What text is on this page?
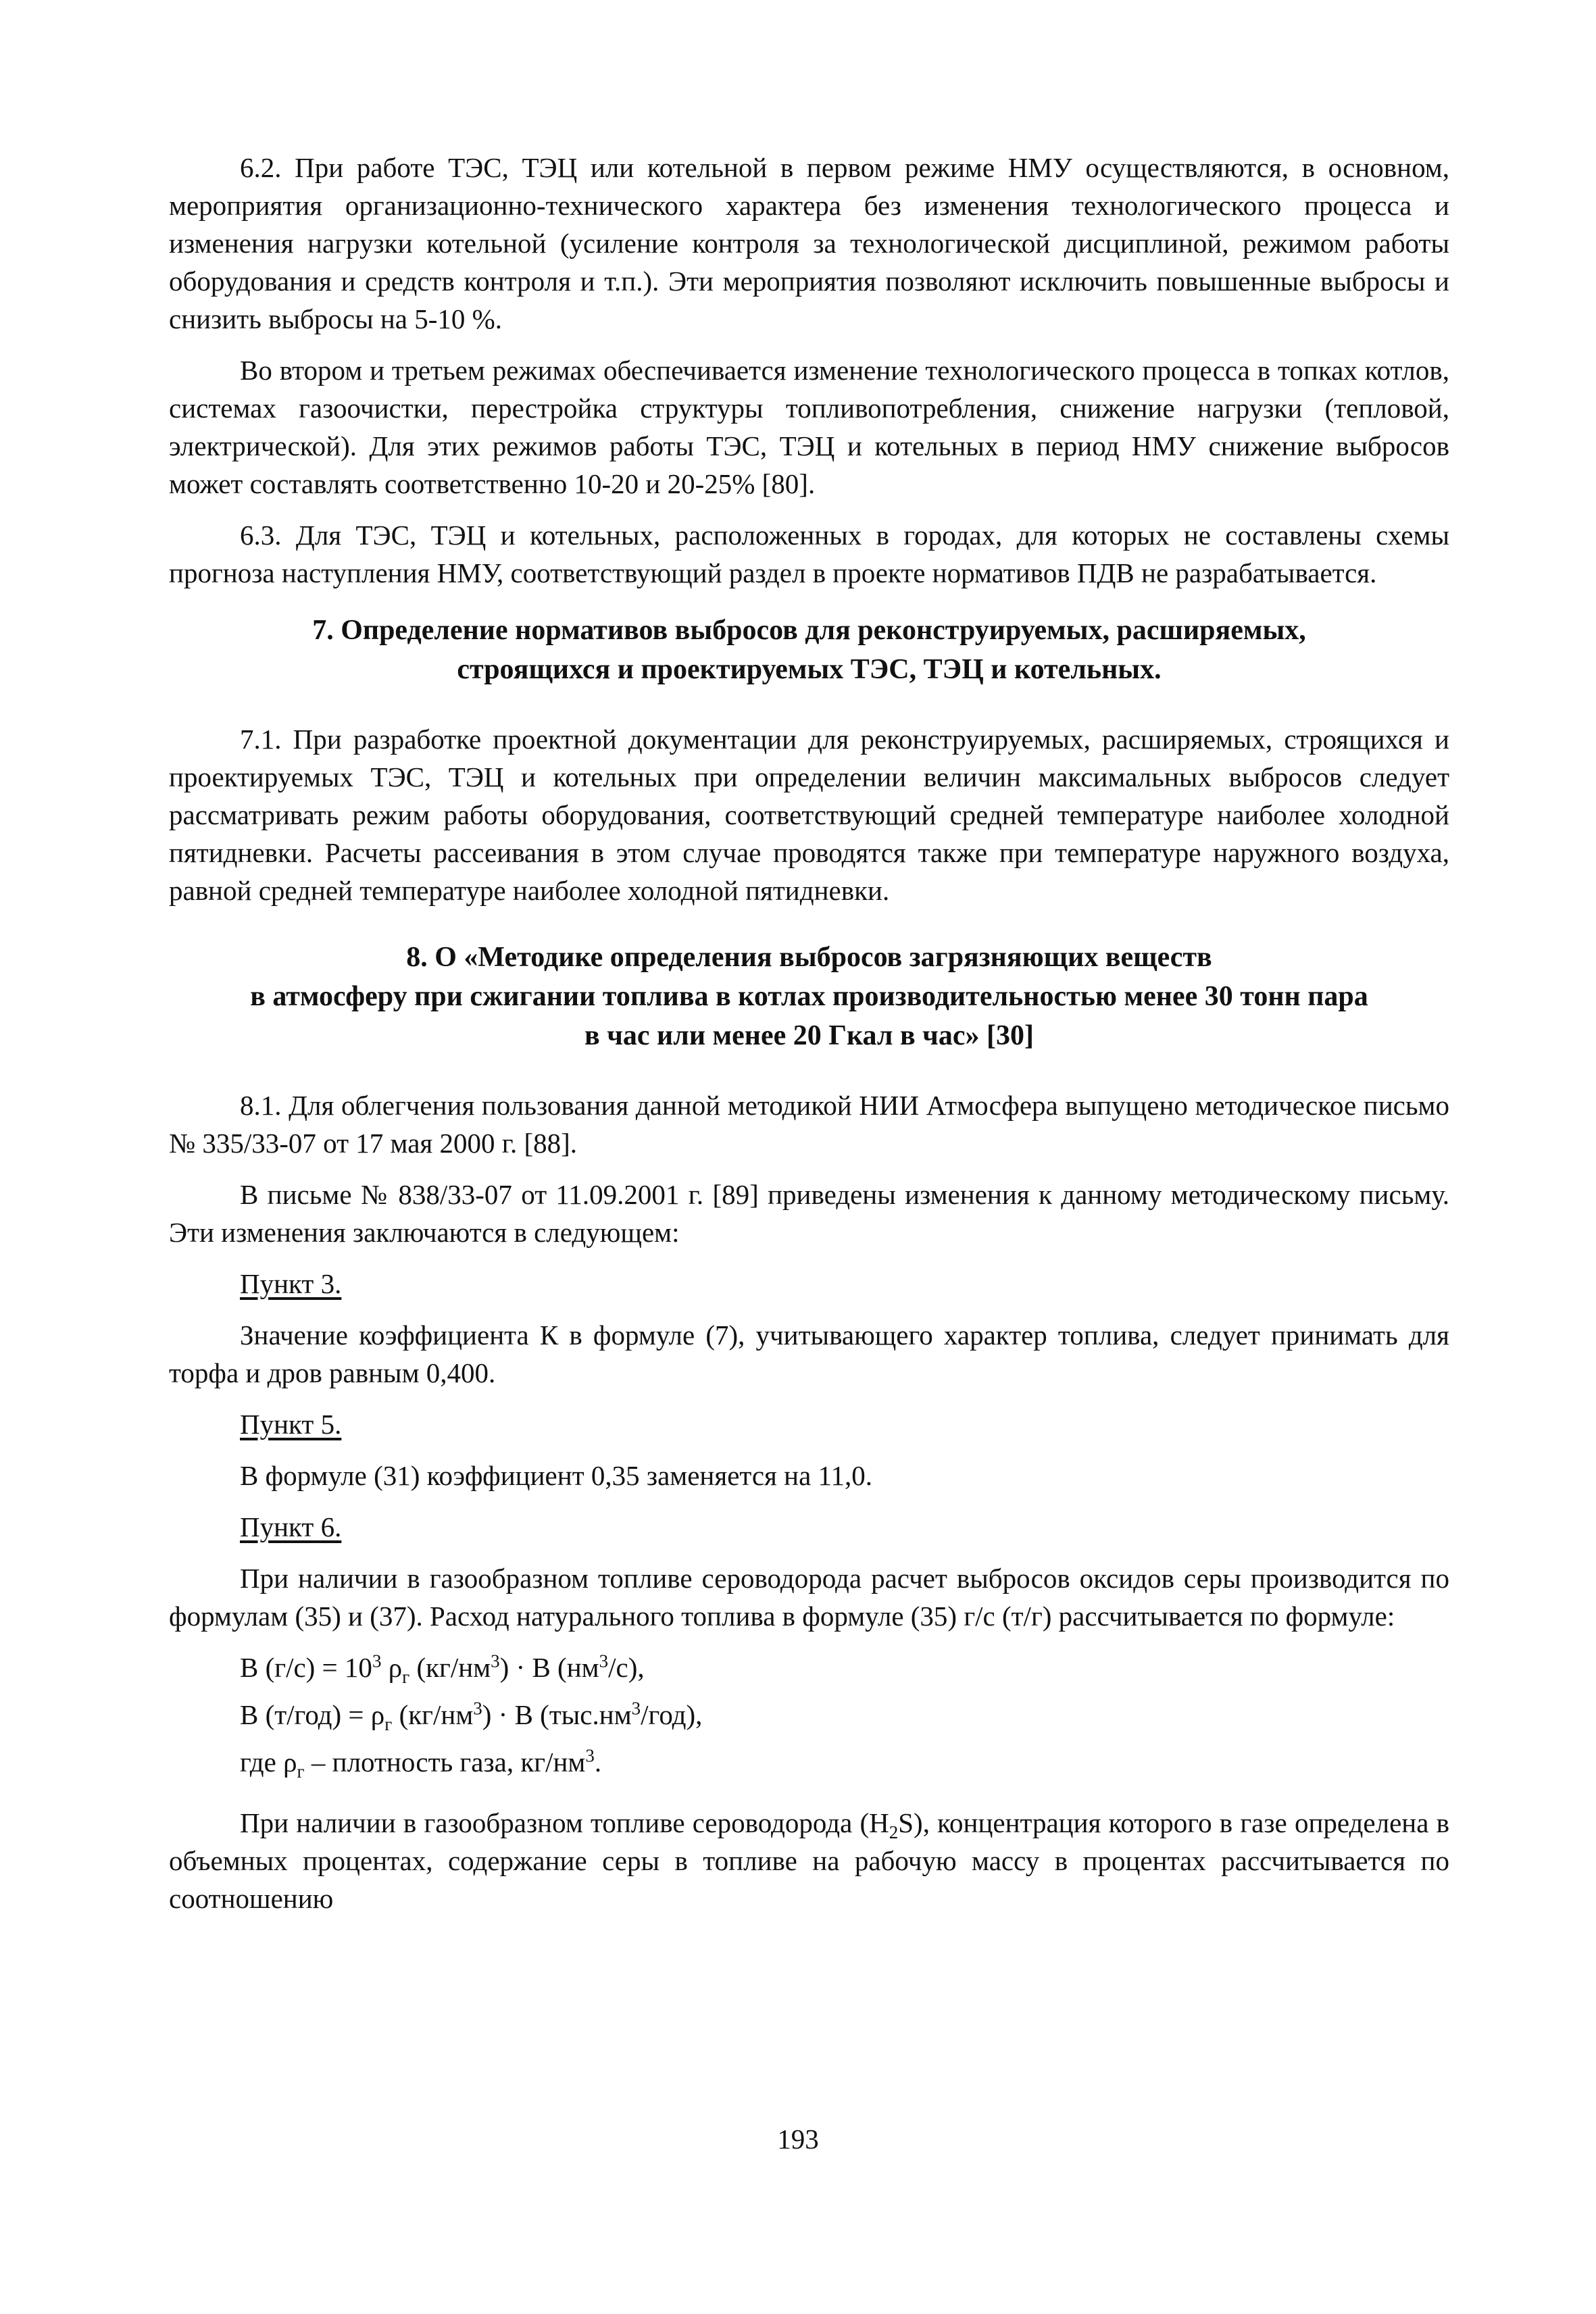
6.2. При работе ТЭС, ТЭЦ или котельной в первом режиме НМУ осуществляются, в основном, мероприятия организационно-технического характера без изменения технологического процесса и изменения нагрузки котельной (усиление контроля за технологической дисциплиной, режимом работы оборудования и средств контроля и т.п.). Эти мероприятия позволяют исключить повышенные выбросы и снизить выбросы на 5-10 %.

Во втором и третьем режимах обеспечивается изменение технологического процесса в топках котлов, системах газоочистки, перестройка структуры топливопотребления, снижение нагрузки (тепловой, электрической). Для этих режимов работы ТЭС, ТЭЦ и котельных в период НМУ снижение выбросов может составлять соответственно 10-20 и 20-25% [80].

6.3. Для ТЭС, ТЭЦ и котельных, расположенных в городах, для которых не составлены схемы прогноза наступления НМУ, соответствующий раздел в проекте нормативов ПДВ не разрабатывается.

7. Определение нормативов выбросов для реконструируемых, расширяемых,
строящихся и проектируемых ТЭС, ТЭЦ и котельных.

7.1. При разработке проектной документации для реконструируемых, расширяемых, строящихся и проектируемых ТЭС, ТЭЦ и котельных при определении величин максимальных выбросов следует рассматривать режим работы оборудования, соответствующий средней температуре наиболее холодной пятидневки. Расчеты рассеивания в этом случае проводятся также при температуре наружного воздуха, равной средней температуре наиболее холодной пятидневки.

8. О «Методике определения выбросов загрязняющих веществ
в атмосферу при сжигании топлива в котлах производительностью менее 30 тонн пара
в час или менее 20 Гкал в час» [30]

8.1. Для облегчения пользования данной методикой НИИ Атмосфера выпущено методическое письмо № 335/33-07 от 17 мая 2000 г. [88].

В письме № 838/33-07 от 11.09.2001 г. [89] приведены изменения к данному методическому письму. Эти изменения заключаются в следующем:

Пункт 3.

Значение коэффициента К в формуле (7), учитывающего характер топлива, следует принимать для торфа и дров равным 0,400.

Пункт 5.

В формуле (31) коэффициент 0,35 заменяется на 11,0.

Пункт 6.

При наличии в газообразном топливе сероводорода расчет выбросов оксидов серы производится по формулам (35) и (37). Расход натурального топлива в формуле (35) г/с (т/г) рассчитывается по формуле:

В $(г/с) = 10^3$ $\rho_г$ $(кг/нм^3) \cdot В$ $(нм^3/с)$,
В $(т/год) = \rho_г$ $(кг/нм^3) \cdot В$ $(тыс.нм^3/год)$,
где $\rho_г$ – плотность газа, $кг/нм^3$.

При наличии в газообразном топливе сероводорода $(H_2S)$, концентрация которого в газе определена в объемных процентах, содержание серы в топливе на рабочую массу в процентах рассчитывается по соотношению

193
